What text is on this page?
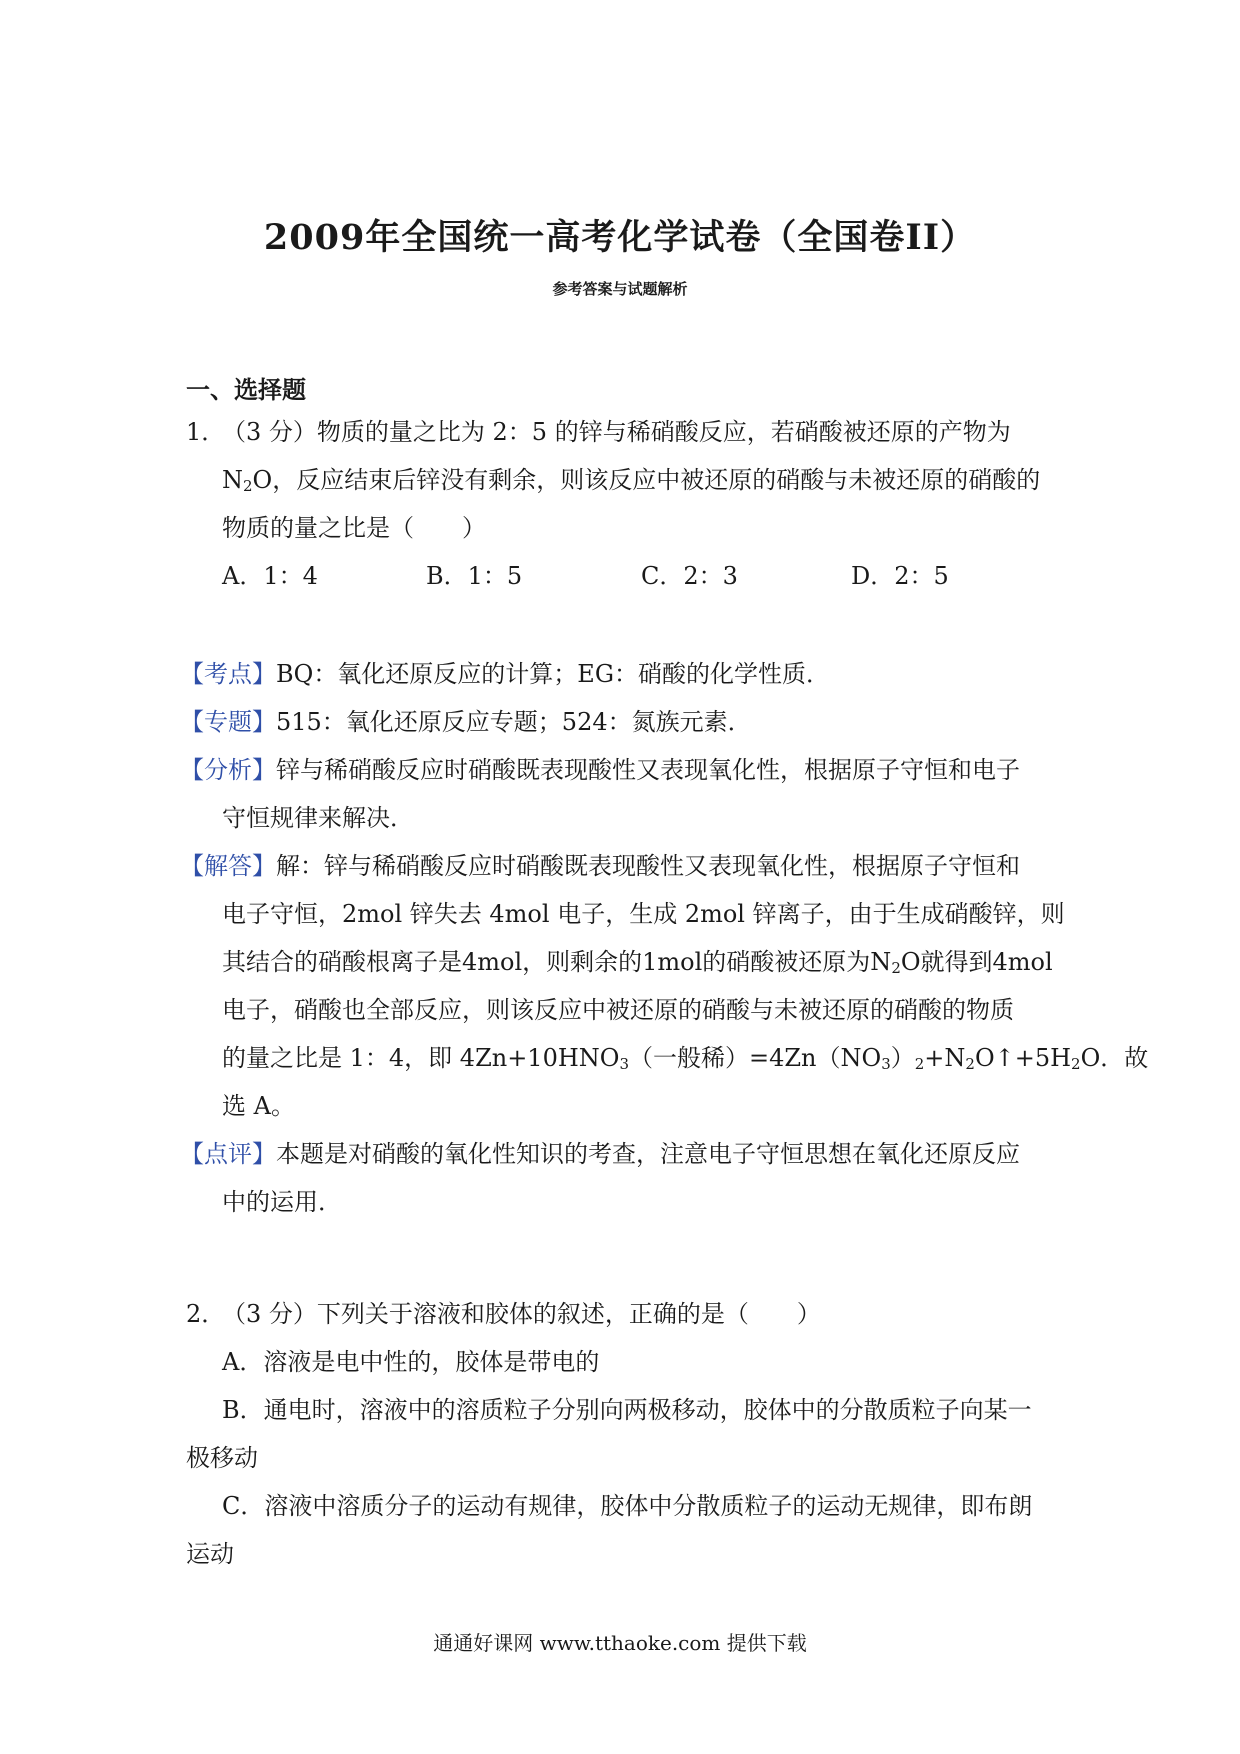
2009年全国统一高考化学试卷（全国卷II）
参考答案与试题解析
一、选择题
1．（3 分）物质的量之比为 2：5 的锌与稀硝酸反应，若硝酸被还原的产物为
$N_2O$，反应结束后锌没有剩余，则该反应中被还原的硝酸与未被还原的硝酸的
物质的量之比是（　　）
A．1：4	B．1：5	C．2：3	D．2：5
【考点】BQ：氧化还原反应的计算；EG：硝酸的化学性质．
【专题】515：氧化还原反应专题；524：氮族元素．
【分析】锌与稀硝酸反应时硝酸既表现酸性又表现氧化性，根据原子守恒和电子
守恒规律来解决．
【解答】解：锌与稀硝酸反应时硝酸既表现酸性又表现氧化性，根据原子守恒和
电子守恒，2mol 锌失去 4mol 电子，生成 2mol 锌离子，由于生成硝酸锌，则
其结合的硝酸根离子是4mol，则剩余的1mol的硝酸被还原为$N_2O$就得到4mol
电子，硝酸也全部反应，则该反应中被还原的硝酸与未被还原的硝酸的物质
的量之比是 1：4，即 $4Zn+10HNO_3$（一般稀）$=4Zn(NO_3)_2+N_2O↑+5H_2O$．故
选 A。
【点评】本题是对硝酸的氧化性知识的考查，注意电子守恒思想在氧化还原反应
中的运用．
2．（3 分）下列关于溶液和胶体的叙述，正确的是（　　）
A．溶液是电中性的，胶体是带电的
B．通电时，溶液中的溶质粒子分别向两极移动，胶体中的分散质粒子向某一
极移动
C．溶液中溶质分子的运动有规律，胶体中分散质粒子的运动无规律，即布朗
运动
通通好课网 www.tthaoke.com 提供下载
